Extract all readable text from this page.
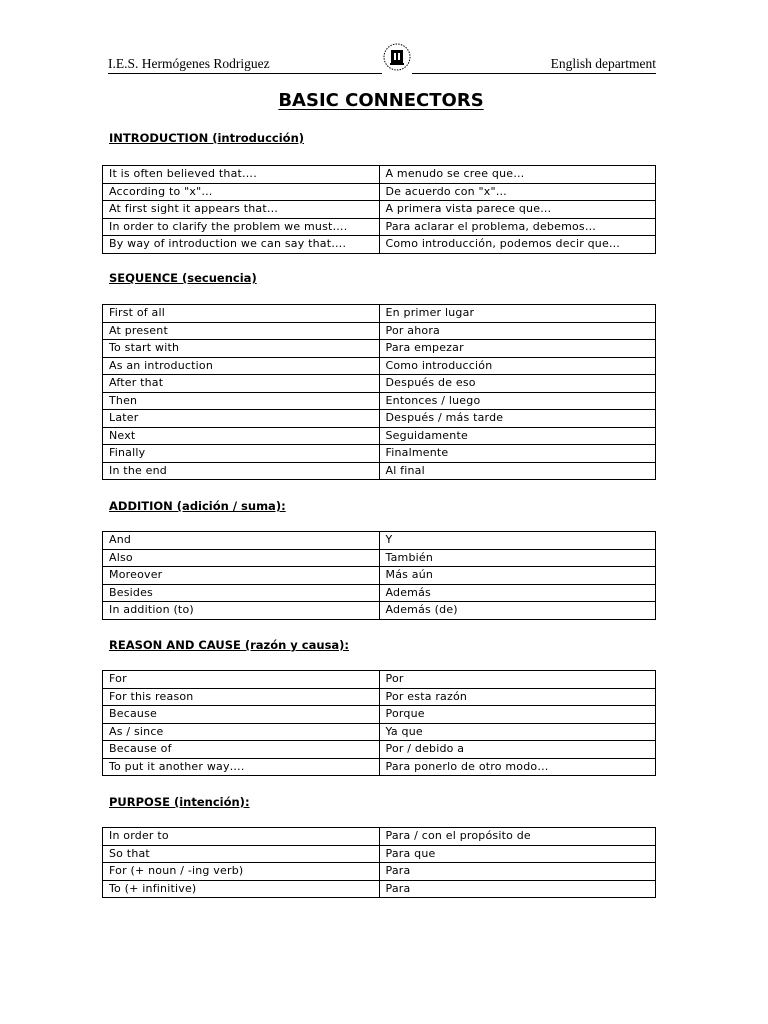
I.E.S. Hermógenes Rodriguez	English department
BASIC CONNECTORS
INTRODUCTION (introducción)
It is often believed that….	A menudo se cree que…
According to "x"…	De acuerdo con "x"…
At first sight it appears that…	A primera vista parece que…
In order to clarify the problem we must….	Para aclarar el problema, debemos…
By way of introduction we can say that….	Como introducción, podemos decir que…
SEQUENCE (secuencia)
First of all	En primer lugar
At present	Por ahora
To start with	Para empezar
As an introduction	Como introducción
After that	Después de eso
Then	Entonces / luego
Later	Después / más tarde
Next	Seguidamente
Finally	Finalmente
In the end	Al final
ADDITION (adición / suma):
And	Y
Also	También
Moreover	Más aún
Besides	Además
In addition (to)	Además (de)
REASON AND CAUSE (razón y causa):
For	Por
For this reason	Por esta razón
Because	Porque
As / since	Ya que
Because of	Por / debido a
To put it another way….	Para ponerlo de otro modo…
PURPOSE (intención):
In order to	Para / con el propósito de
So that	Para que
For (+ noun / -ing verb)	Para
To (+ infinitive)	Para
